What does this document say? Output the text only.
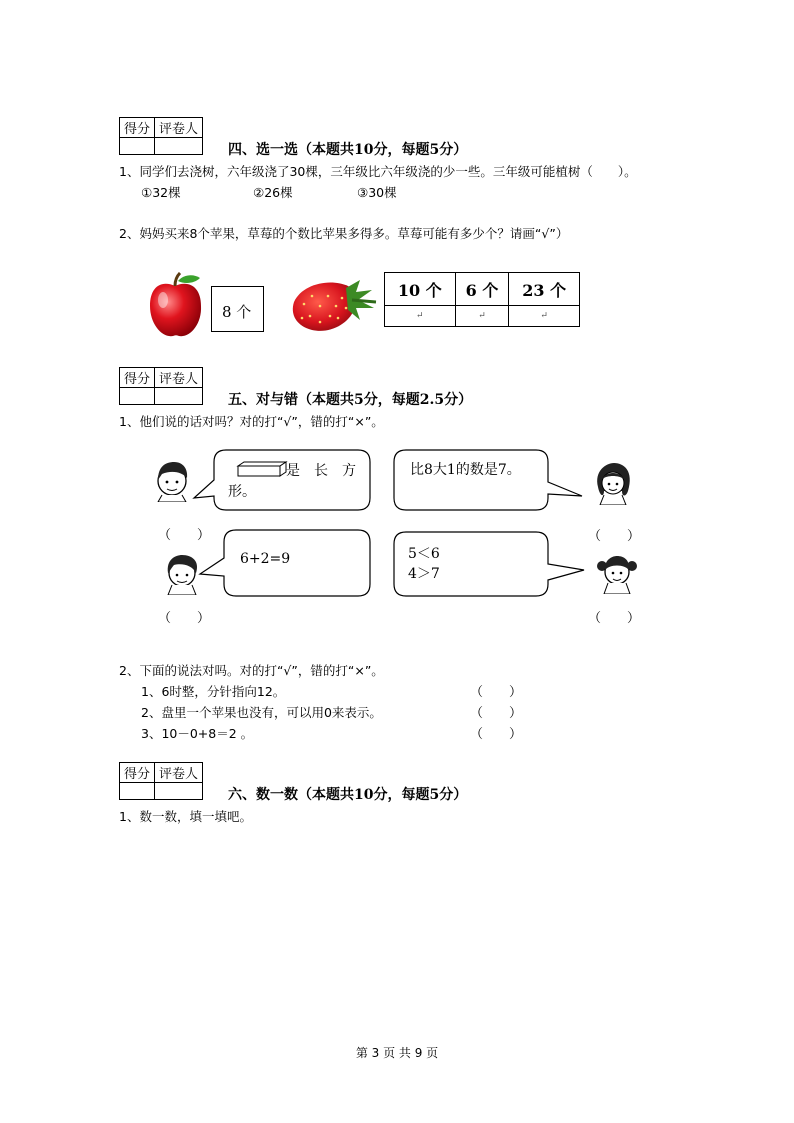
得分	评卷人

四、选一选（本题共10分，每题5分）
1、同学们去浇树，六年级浇了30棵，三年级比六年级浇的少一些。三年级可能植树（　　）。
①32棵	②26棵	③30棵
2、妈妈买来8个苹果，草莓的个数比苹果多得多。草莓可能有多少个？请画“√”）
8 个
10 个	6 个	23 个
↵	↵	↵
得分	评卷人

五、对与错（本题共5分，每题2.5分）
1、他们说的话对吗？对的打“√”，错的打“×”。
是　长　方
形。
比8大1的数是7。
6+2=9	5＜6
4＞7
（　　）	（　　）
（　　）	（　　）
2、下面的说法对吗。对的打“√”，错的打“×”。
1、6时整，分针指向12。	（　　）
2、盘里一个苹果也没有，可以用0来表示。	（　　）
3、10－0+8＝2 。	（　　）
得分	评卷人

六、数一数（本题共10分，每题5分）
1、数一数，填一填吧。
第 3 页 共 9 页
